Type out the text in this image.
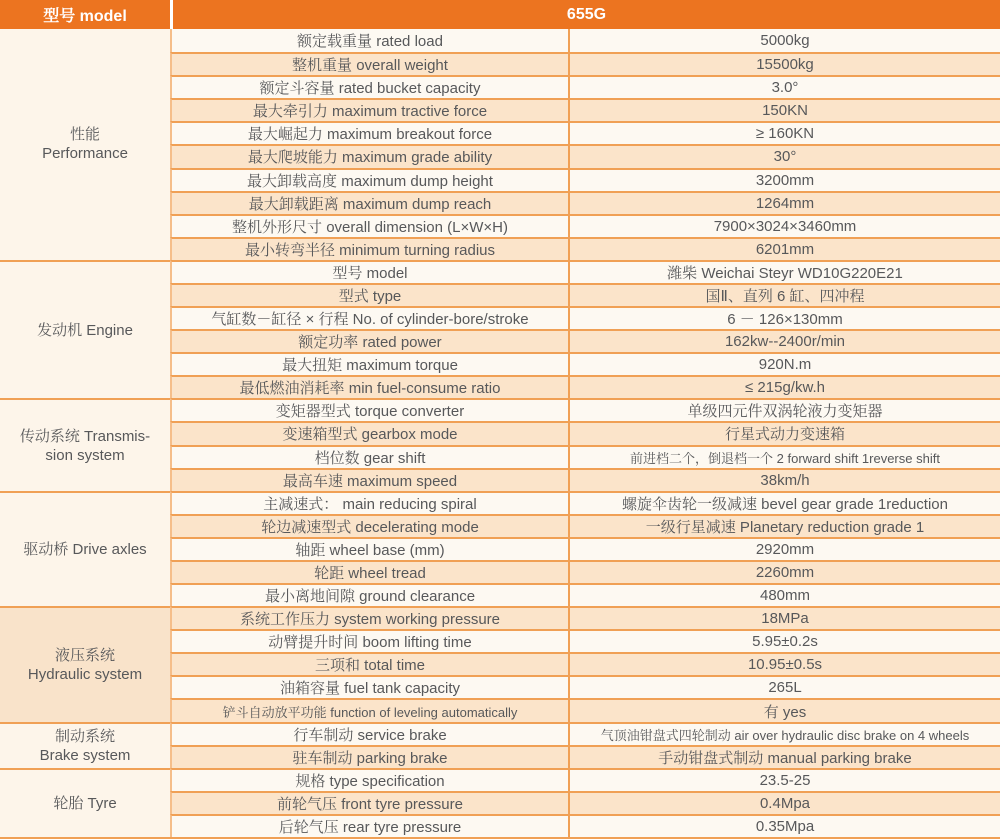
型号 model	655G
性能
Performance
额定载重量 rated load	5000kg
整机重量 overall weight	15500kg
额定斗容量 rated bucket capacity	3.0°
最大牵引力 maximum tractive force	150KN
最大崛起力 maximum breakout force	≥ 160KN
最大爬坡能力 maximum grade ability	30°
最大卸载高度 maximum dump height	3200mm
最大卸载距离 maximum dump reach	1264mm
整机外形尺寸 overall dimension (L×W×H)	7900×3024×3460mm
最小转弯半径 minimum turning radius	6201mm
发动机 Engine
型号 model	潍柴 Weichai Steyr WD10G220E21
型式 type	国Ⅱ、直列 6 缸、四冲程
气缸数－缸径 × 行程 No. of cylinder-bore/stroke	6 － 126×130mm
额定功率 rated power	162kw--2400r/min
最大扭矩 maximum torque	920N.m
最低燃油消耗率 min fuel-consume ratio	≤ 215g/kw.h
传动系统 Transmis-
sion system
变矩器型式 torque converter	单级四元件双涡轮液力变矩器
变速箱型式 gearbox mode	行星式动力变速箱
档位数 gear shift	前进档二个，倒退档一个 2 forward shift 1reverse shift
最高车速 maximum speed	38km/h
驱动桥 Drive axles
主减速式： main reducing spiral	螺旋伞齿轮一级减速 bevel gear grade 1reduction
轮边减速型式 decelerating mode	一级行星减速 Planetary reduction grade 1
轴距 wheel base (mm)	2920mm
轮距 wheel tread	2260mm
最小离地间隙 ground clearance	480mm
液压系统
Hydraulic system
系统工作压力 system working pressure	18MPa
动臂提升时间 boom lifting time	5.95±0.2s
三项和 total time	10.95±0.5s
油箱容量 fuel tank capacity	265L
铲斗自动放平功能 function of leveling automatically	有 yes
制动系统
Brake system
行车制动 service brake	气顶油钳盘式四轮制动 air over hydraulic disc brake on 4 wheels
驻车制动 parking brake	手动钳盘式制动 manual parking brake
轮胎 Tyre
规格 type specification	23.5-25
前轮气压 front tyre pressure	0.4Mpa
后轮气压 rear tyre pressure	0.35Mpa
